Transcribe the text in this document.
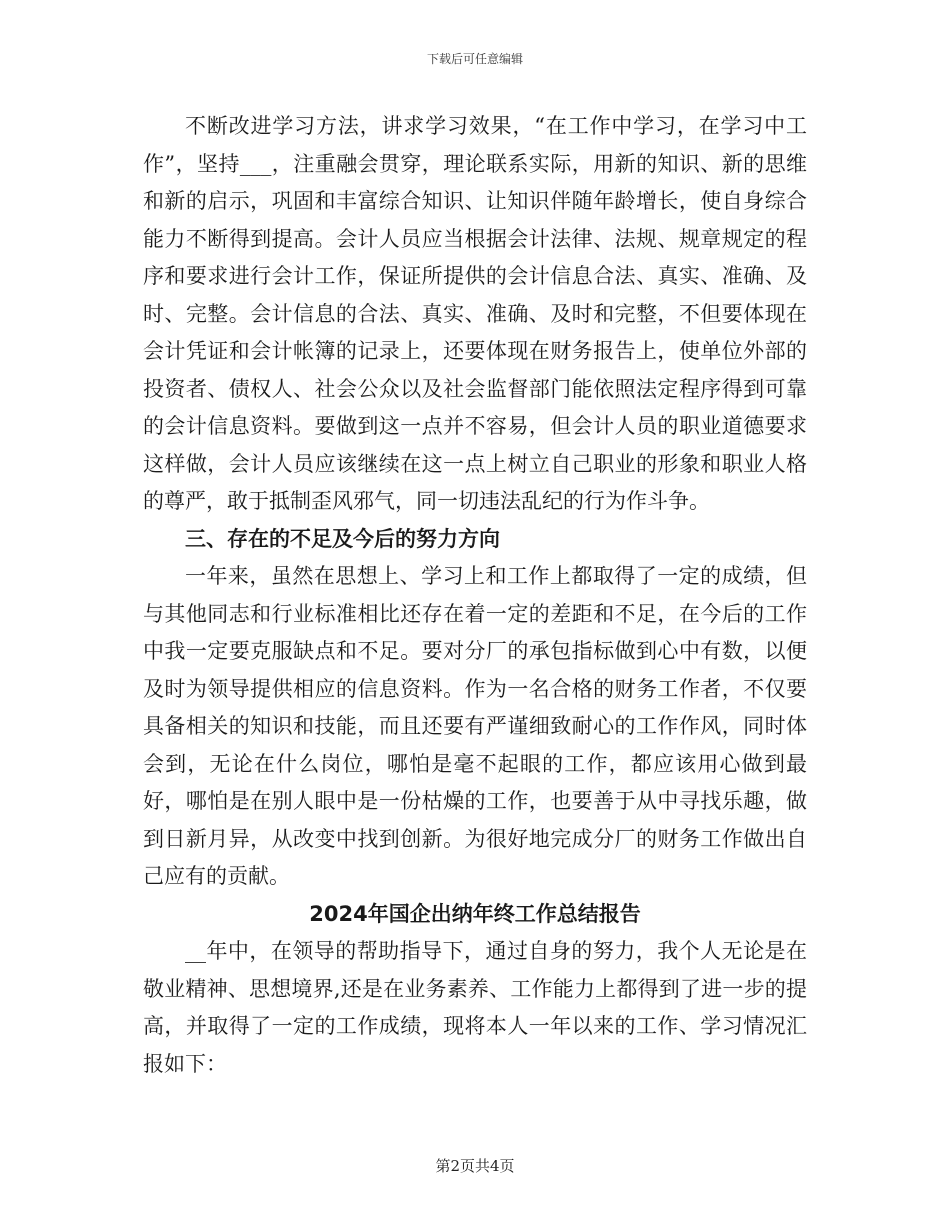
下载后可任意编辑

不断改进学习方法，讲求学习效果，“在工作中学习，在学习中工作”，坚持___，注重融会贯穿，理论联系实际，用新的知识、新的思维和新的启示，巩固和丰富综合知识、让知识伴随年龄增长，使自身综合能力不断得到提高。会计人员应当根据会计法律、法规、规章规定的程序和要求进行会计工作，保证所提供的会计信息合法、真实、准确、及时、完整。会计信息的合法、真实、准确、及时和完整，不但要体现在会计凭证和会计帐簿的记录上，还要体现在财务报告上，使单位外部的投资者、债权人、社会公众以及社会监督部门能依照法定程序得到可靠的会计信息资料。要做到这一点并不容易，但会计人员的职业道德要求这样做，会计人员应该继续在这一点上树立自己职业的形象和职业人格的尊严，敢于抵制歪风邪气，同一切违法乱纪的行为作斗争。

三、存在的不足及今后的努力方向

一年来，虽然在思想上、学习上和工作上都取得了一定的成绩，但与其他同志和行业标准相比还存在着一定的差距和不足，在今后的工作中我一定要克服缺点和不足。要对分厂的承包指标做到心中有数，以便及时为领导提供相应的信息资料。作为一名合格的财务工作者，不仅要具备相关的知识和技能，而且还要有严谨细致耐心的工作作风，同时体会到，无论在什么岗位，哪怕是毫不起眼的工作，都应该用心做到最好，哪怕是在别人眼中是一份枯燥的工作，也要善于从中寻找乐趣，做到日新月异，从改变中找到创新。为很好地完成分厂的财务工作做出自己应有的贡献。

2024年国企出纳年终工作总结报告

__年中，在领导的帮助指导下，通过自身的努力，我个人无论是在敬业精神、思想境界,还是在业务素养、工作能力上都得到了进一步的提高，并取得了一定的工作成绩，现将本人一年以来的工作、学习情况汇报如下：

第2页共4页
